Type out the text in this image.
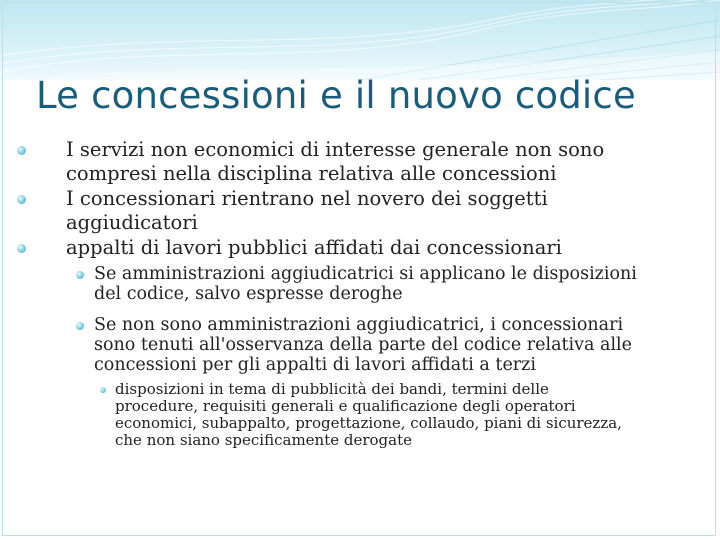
Le concessioni e il nuovo codice
I servizi non economici di interesse generale non sono
compresi nella disciplina relativa alle concessioni
I concessionari rientrano nel novero dei soggetti
aggiudicatori
appalti di lavori pubblici affidati dai concessionari
Se amministrazioni aggiudicatrici si applicano le disposizioni
del codice, salvo espresse deroghe
Se non sono amministrazioni aggiudicatrici, i concessionari
sono tenuti all'osservanza della parte del codice relativa alle
concessioni per gli appalti di lavori affidati a terzi
disposizioni in tema di pubblicità dei bandi, termini delle
procedure, requisiti generali e qualificazione degli operatori
economici, subappalto, progettazione, collaudo, piani di sicurezza,
che non siano specificamente derogate
